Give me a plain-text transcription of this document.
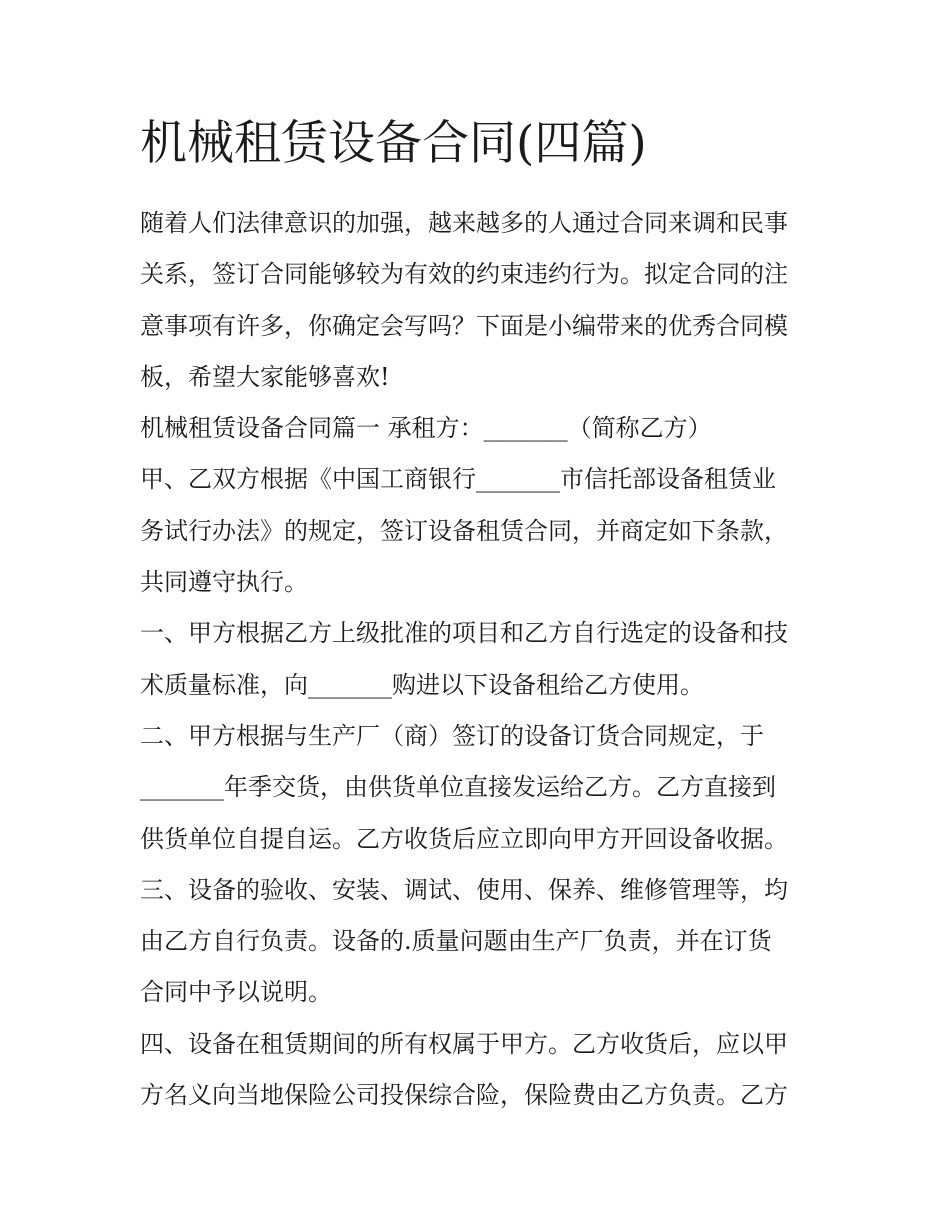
机械租赁设备合同(四篇)
随着人们法律意识的加强，越来越多的人通过合同来调和民事
关系，签订合同能够较为有效的约束违约行为。拟定合同的注
意事项有许多，你确定会写吗？下面是小编带来的优秀合同模
板，希望大家能够喜欢!
机械租赁设备合同篇一 承租方：_______（简称乙方）
甲、乙双方根据《中国工商银行_______市信托部设备租赁业
务试行办法》的规定，签订设备租赁合同，并商定如下条款，
共同遵守执行。
一、甲方根据乙方上级批准的项目和乙方自行选定的设备和技
术质量标准，向_______购进以下设备租给乙方使用。
二、甲方根据与生产厂（商）签订的设备订货合同规定，于
_______年季交货，由供货单位直接发运给乙方。乙方直接到
供货单位自提自运。乙方收货后应立即向甲方开回设备收据。
三、设备的验收、安装、调试、使用、保养、维修管理等，均
由乙方自行负责。设备的.质量问题由生产厂负责，并在订货
合同中予以说明。
四、设备在租赁期间的所有权属于甲方。乙方收货后，应以甲
方名义向当地保险公司投保综合险，保险费由乙方负责。乙方
